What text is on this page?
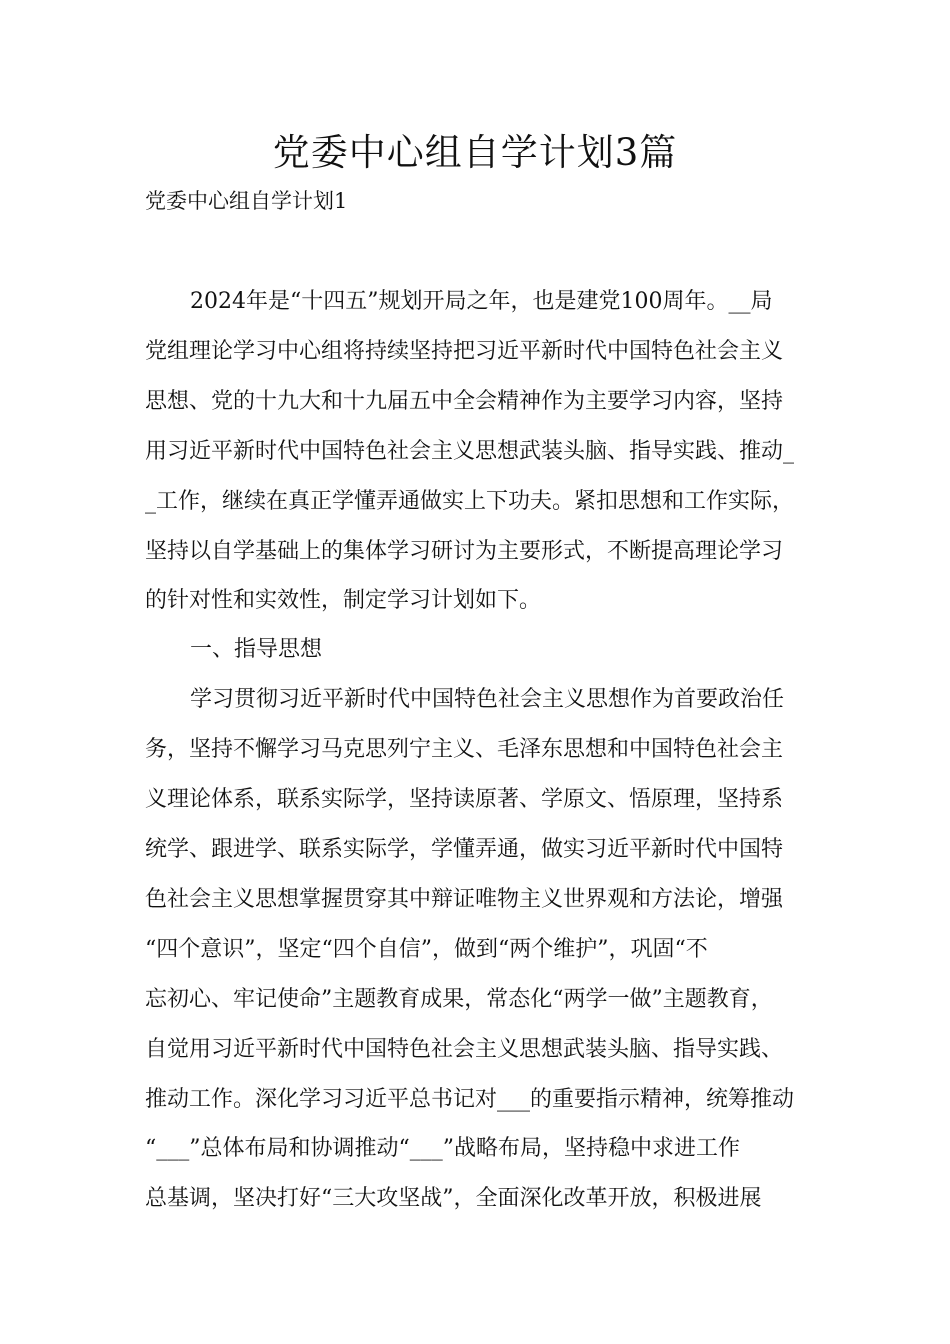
党委中心组自学计划3篇

党委中心组自学计划1

2024年是“十四五”规划开局之年，也是建党100周年。__局

党组理论学习中心组将持续坚持把习近平新时代中国特色社会主义

思想、党的十九大和十九届五中全会精神作为主要学习内容，坚持

用习近平新时代中国特色社会主义思想武装头脑、指导实践、推动_

_工作，继续在真正学懂弄通做实上下功夫。紧扣思想和工作实际，

坚持以自学基础上的集体学习研讨为主要形式，不断提高理论学习

的针对性和实效性，制定学习计划如下。

一、指导思想

学习贯彻习近平新时代中国特色社会主义思想作为首要政治任

务，坚持不懈学习马克思列宁主义、毛泽东思想和中国特色社会主

义理论体系，联系实际学，坚持读原著、学原文、悟原理，坚持系

统学、跟进学、联系实际学，学懂弄通，做实习近平新时代中国特

色社会主义思想掌握贯穿其中辩证唯物主义世界观和方法论，增强

“四个意识”，坚定“四个自信”，做到“两个维护”，巩固“不

忘初心、牢记使命”主题教育成果，常态化“两学一做”主题教育，

自觉用习近平新时代中国特色社会主义思想武装头脑、指导实践、

推动工作。深化学习习近平总书记对___的重要指示精神，统筹推动

“___”总体布局和协调推动“___”战略布局，坚持稳中求进工作

总基调，坚决打好“三大攻坚战”，全面深化改革开放，积极进展
